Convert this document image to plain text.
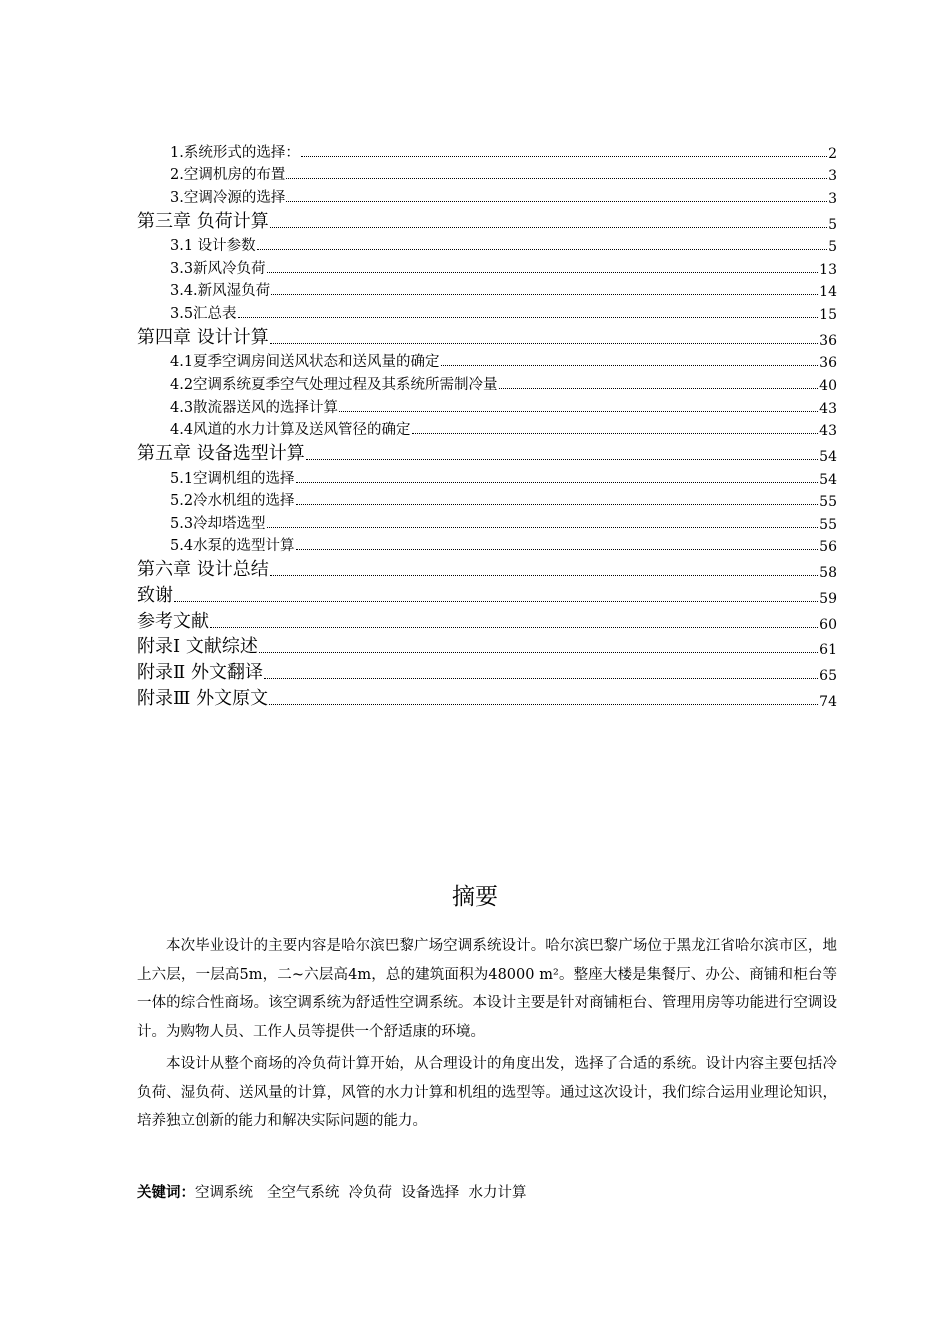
1.系统形式的选择：	2
2.空调机房的布置	3
3.空调冷源的选择	3
第三章 负荷计算	5
3.1 设计参数	5
3.3新风冷负荷	13
3.4.新风湿负荷	14
3.5汇总表	15
第四章 设计计算	36
4.1夏季空调房间送风状态和送风量的确定	36
4.2空调系统夏季空气处理过程及其系统所需制冷量	40
4.3散流器送风的选择计算	43
4.4风道的水力计算及送风管径的确定	43
第五章 设备选型计算	54
5.1空调机组的选择	54
5.2冷水机组的选择	55
5.3冷却塔选型	55
5.4水泵的选型计算	56
第六章 设计总结	58
致谢	59
参考文献	60
附录Ⅰ 文献综述	61
附录Ⅱ 外文翻译	65
附录Ⅲ 外文原文	74
摘要

本次毕业设计的主要内容是哈尔滨巴黎广场空调系统设计。哈尔滨巴黎广场位于黑龙江省哈尔滨市区，地上六层，一层高5m，二~六层高4m，总的建筑面积为48000 m²。整座大楼是集餐厅、办公、商铺和柜台等一体的综合性商场。该空调系统为舒适性空调系统。本设计主要是针对商铺柜台、管理用房等功能进行空调设计。为购物人员、工作人员等提供一个舒适康的环境。

本设计从整个商场的冷负荷计算开始，从合理设计的角度出发，选择了合适的系统。设计内容主要包括冷负荷、湿负荷、送风量的计算，风管的水力计算和机组的选型等。通过这次设计，我们综合运用业理论知识，培养独立创新的能力和解决实际问题的能力。

关键词：空调系统   全空气系统  冷负荷  设备选择  水力计算
